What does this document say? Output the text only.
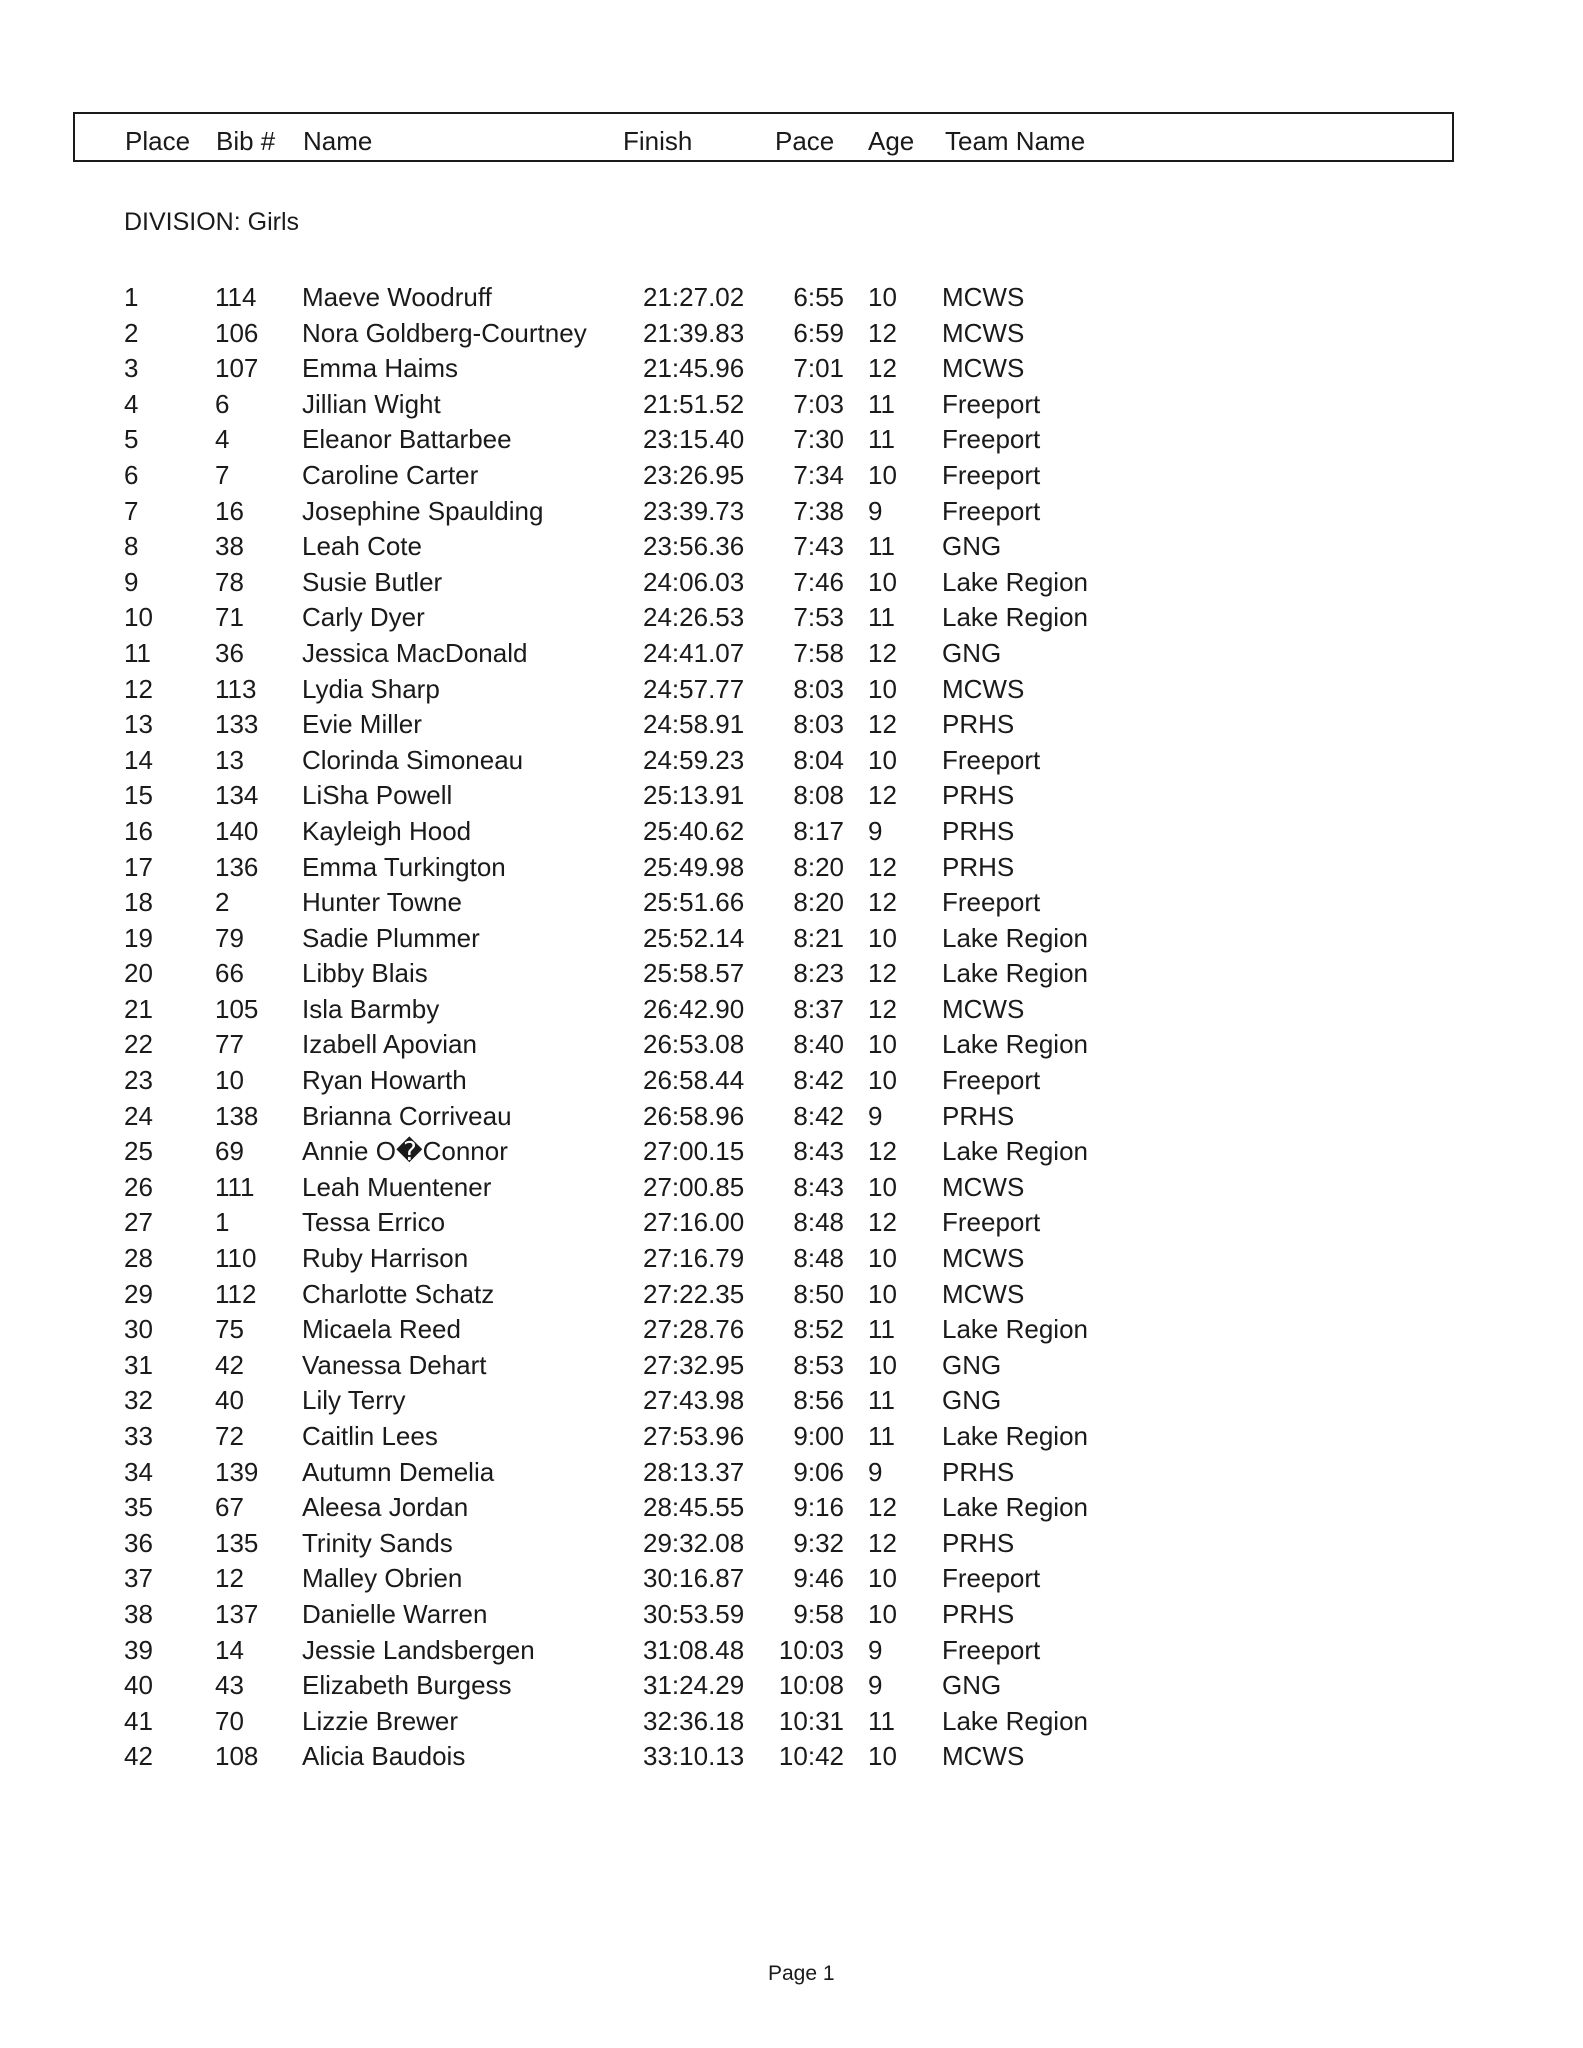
Place Bib # Name	Finish	Pace Age Team Name
DIVISION: Girls
1	114 Maeve Woodruff	21:27.02	6:55 10 MCWS
2	106 Nora Goldberg-Courtney 21:39.83	6:59 12 MCWS
3	107 Emma Haims	21:45.96	7:01 12 MCWS
4	6	Jillian Wight	21:51.52	7:03 11 Freeport
5	4	Eleanor Battarbee	23:15.40	7:30 11 Freeport
6	7	Caroline Carter	23:26.95	7:34 10 Freeport
7	16 Josephine Spaulding	23:39.73	7:38 9 Freeport
8	38 Leah Cote	23:56.36	7:43 11 GNG
9	78 Susie Butler	24:06.03	7:46 10 Lake Region
10 71 Carly Dyer	24:26.53	7:53 11 Lake Region
11 36 Jessica MacDonald	24:41.07	7:58 12 GNG
12 113 Lydia Sharp	24:57.77	8:03 10 MCWS
13 133 Evie Miller	24:58.91	8:03 12 PRHS
14 13 Clorinda Simoneau	24:59.23	8:04 10 Freeport
15 134 LiSha Powell	25:13.91	8:08 12 PRHS
16 140 Kayleigh Hood	25:40.62	8:17 9 PRHS
17 136 Emma Turkington	25:49.98	8:20 12 PRHS
18 2	Hunter Towne	25:51.66	8:20 12 Freeport
19 79 Sadie Plummer	25:52.14	8:21 10 Lake Region
20 66 Libby Blais	25:58.57	8:23 12 Lake Region
21 105 Isla Barmby	26:42.90	8:37 12 MCWS
22 77 Izabell Apovian	26:53.08	8:40 10 Lake Region
23 10 Ryan Howarth	26:58.44	8:42 10 Freeport
24 138 Brianna Corriveau	26:58.96	8:42 9 PRHS
25 69 Annie O�Connor	27:00.15	8:43 12 Lake Region
26 111 Leah Muentener	27:00.85	8:43 10 MCWS
27 1	Tessa Errico	27:16.00	8:48 12 Freeport
28 110 Ruby Harrison	27:16.79	8:48 10 MCWS
29 112 Charlotte Schatz	27:22.35	8:50 10 MCWS
30 75 Micaela Reed	27:28.76	8:52 11 Lake Region
31 42 Vanessa Dehart	27:32.95	8:53 10 GNG
32 40 Lily Terry	27:43.98	8:56 11 GNG
33 72 Caitlin Lees	27:53.96	9:00 11 Lake Region
34 139 Autumn Demelia	28:13.37	9:06 9 PRHS
35 67 Aleesa Jordan	28:45.55	9:16 12 Lake Region
36 135 Trinity Sands	29:32.08	9:32 12 PRHS
37 12 Malley Obrien	30:16.87	9:46 10 Freeport
38 137 Danielle Warren	30:53.59	9:58 10 PRHS
39 14 Jessie Landsbergen	31:08.48 10:03 9 Freeport
40 43 Elizabeth Burgess	31:24.29 10:08 9 GNG
41 70 Lizzie Brewer	32:36.18 10:31 11 Lake Region
42 108 Alicia Baudois	33:10.13 10:42 10 MCWS
Page 1
